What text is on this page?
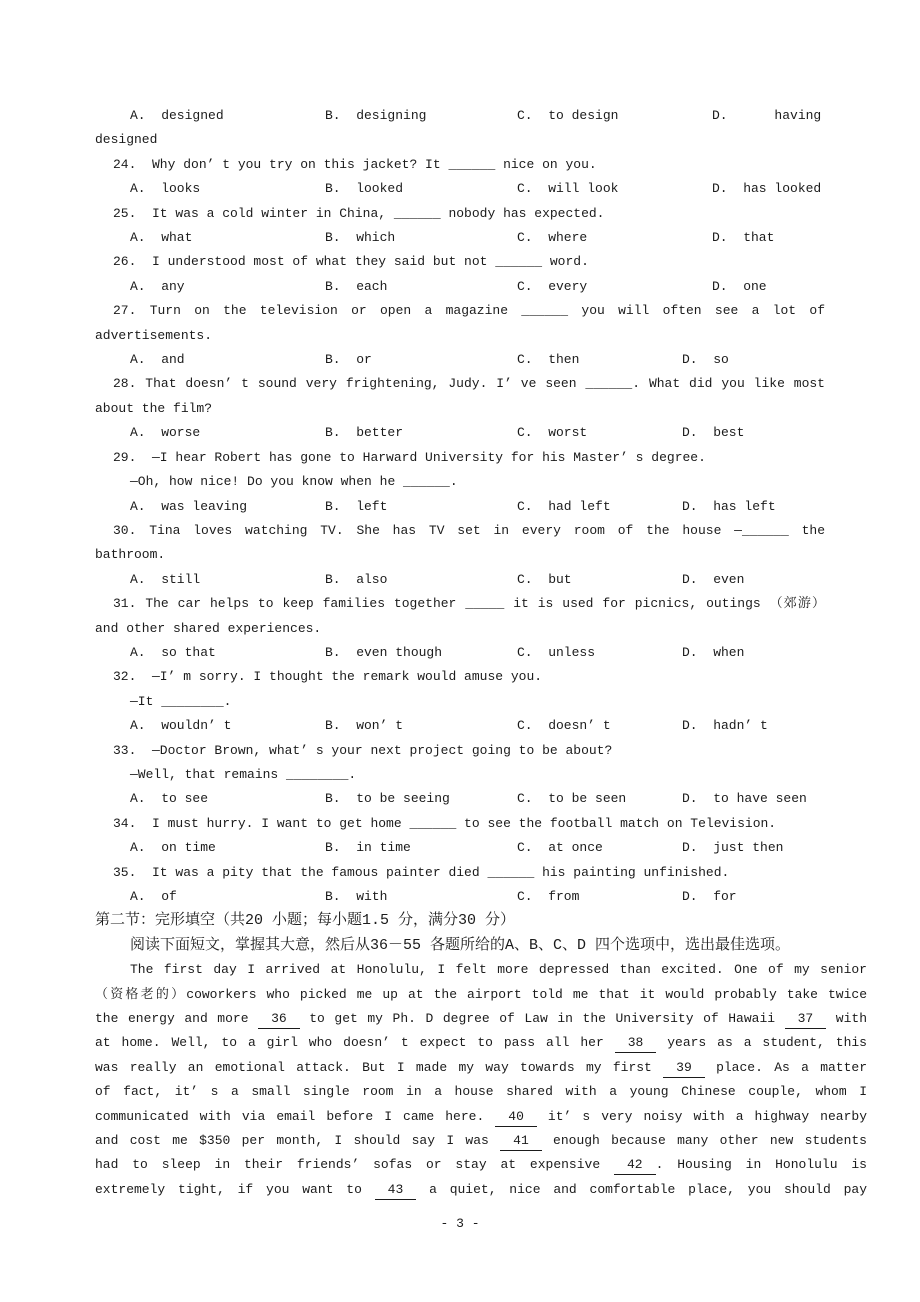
A.  designed	B.  designing	C.  to design	D.      having
designed
24.  Why don’ t you try on this jacket? It ______ nice on you.
A.  looks	B.  looked	C.  will look	D.  has looked
25.  It was a cold winter in China, ______ nobody has expected.
A.  what	B.  which	C.  where	D.  that
26.  I understood most of what they said but not ______ word.
A.  any	B.  each	C.  every	D.  one
27. Turn on the television or open a magazine ______ you will often see a lot of
advertisements.
A.  and	B.  or	C.  then	D.  so
28. That doesn’ t sound very frightening, Judy. I’ ve seen ______. What did you like most
about the film?
A.  worse	B.  better	C.  worst	D.  best
29.  —I hear Robert has gone to Harward University for his Master’ s degree.
—Oh, how nice! Do you know when he ______.
A.  was leaving	B.  left	C.  had left	D.  has left
30. Tina loves watching TV. She has TV set in every room of the house —______ the
bathroom.
A.  still	B.  also	C.  but	D.  even
31. The car helps to keep families together _____ it is used for picnics, outings （郊游）
and other shared experiences.
A.  so that	B.  even though	C.  unless	D.  when
32.  —I’ m sorry. I thought the remark would amuse you.
—It ________.
A.  wouldn’ t	B.  won’ t	C.  doesn’ t	D.  hadn’ t
33.  —Doctor Brown, what’ s your next project going to be about?
—Well, that remains ________.
A.  to see	B.  to be seeing	C.  to be seen	D.  to have seen
34.  I must hurry. I want to get home ______ to see the football match on Television.
A.  on time	B.  in time	C.  at once	D.  just then
35.  It was a pity that the famous painter died ______ his painting unfinished.
A.  of	B.  with	C.  from	D.  for
第二节：完形填空（共20 小题；每小题1.5 分，满分30 分）
阅读下面短文，掌握其大意，然后从36－55 各题所给的A、B、C、D 四个选项中，选出最佳选项。
The first day I arrived at Honolulu, I felt more depressed than excited. One of my senior
（资格老的）coworkers who picked me up at the airport told me that it would probably take twice
the energy and more 36 to get my Ph. D degree of Law in the University of Hawaii 37 with
at home. Well, to a girl who doesn’ t expect to pass all her 38 years as a student, this
was really an emotional attack. But I made my way towards my first 39 place. As a matter
of fact, it’ s a small single room in a house shared with a young Chinese couple, whom I
communicated with via email before I came here. 40 it’ s very noisy with a highway nearby
and cost me $350 per month, I should say I was 41 enough because many other new students
had to sleep in their friends’ sofas or stay at expensive 42 . Housing in Honolulu is
extremely tight, if you want to 43 a quiet, nice and comfortable place, you should pay
- 3 -
